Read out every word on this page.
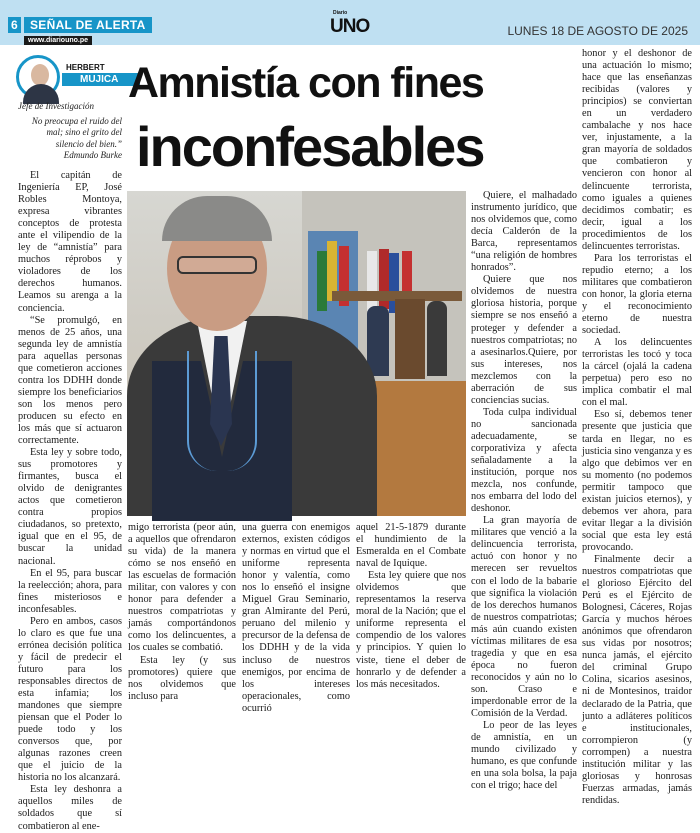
6	SEÑAL DE ALERTA
www.diariouno.pe
Diario
UNO	LUNES 18 DE AGOSTO DE 2025
HERBERT
MUJICA
Jefe de Investigación
No preocupa el ruido del mal; sino el grito del silencio del bien.”
Edmundo Burke
Amnistía con fines
inconfesables

El capitán de Ingeniería EP, José Robles Montoya, expresa vibrantes conceptos de protesta ante el vilipendio de la ley de “amnistía” para muchos réprobos y violadores de los derechos humanos. Leamos su arenga a la conciencia.

“Se promulgó, en menos de 25 años, una segunda ley de amnistía para aquellas personas que cometieron acciones contra los DDHH donde siempre los beneficiarios son los menos pero producen su efecto en los más que sí actuaron correctamente.

Esta ley y sobre todo, sus promotores y firmantes, busca el olvido de denigrantes actos que cometieron contra propios ciudadanos, so pretexto, igual que en el 95, de buscar la unidad nacional.

En el 95, para buscar la reelección; ahora, para fines misteriosos e inconfesables.

Pero en ambos, casos lo claro es que fue una errónea decisión política y fácil de predecir el futuro para los responsables directos de esta infamia; los mandones que siempre piensan que el Poder lo puede todo y los conversos que, por algunas razones creen que el juicio de la historia no los alcanzará.

Esta ley deshonra a aquellos miles de soldados que sí combatieron al ene-

migo terrorista (peor aún, a aquellos que ofrendaron su vida) de la manera cómo se nos enseñó en las escuelas de formación militar, con valores y con honor para defender a nuestros compatriotas y jamás comportándonos como los delincuentes, a los cuales se combatió.

Esta ley (y sus promotores) quiere que nos olvidemos que incluso para

una guerra con enemigos externos, existen códigos y normas en virtud que el uniforme representa honor y valentía, como nos lo enseñó el insigne Miguel Grau Seminario, gran Almirante del Perú, peruano del milenio y precursor de la defensa de los DDHH y de la vida incluso de nuestros enemigos, por encima de los intereses operacionales, como ocurrió

aquel 21-5-1879 durante el hundimiento de la Esmeralda en el Combate naval de Iquique.

Esta ley quiere que nos olvidemos que representamos la reserva moral de la Nación; que el uniforme representa el compendio de los valores y principios. Y quien lo viste, tiene el deber de honrarlo y de defender a los más necesitados.

Quiere, el malhadado instrumento jurídico, que nos olvidemos que, como decía Calderón de la Barca, representamos “una religión de hombres honrados”.

Quiere que nos olvidemos de nuestra gloriosa historia, porque siempre se nos enseñó a proteger y defender a nuestros compatriotas; no a asesinarlos.Quiere, por sus intereses, nos mezclemos con la aberración de sus conciencias sucias.

Toda culpa individual no sancionada adecuadamente, se corporativiza y afecta señaladamente a la institución, porque nos mezcla, nos confunde, nos embarra del lodo del deshonor.

La gran mayoría de militares que venció a la delincuencia terrorista, actuó con honor y no merecen ser revueltos con el lodo de la babarie que significa la violación de los derechos humanos de nuestros compatriotas; más aún cuando existen víctimas militares de esa tragedia y que en esa época no fueron reconocidos y aún no lo son. Craso e imperdonable error de la Comisión de la Verdad.

Lo peor de las leyes de amnistía, en un mundo civilizado y humano, es que confunde en una sola bolsa, la paja con el trigo; hace del

honor y el deshonor de una actuación lo mismo; hace que las enseñanzas recibidas (valores y principios) se conviertan en un verdadero cambalache y nos hace ver, injustamente, a la gran mayoría de soldados que combatieron y vencieron con honor al delincuente terrorista, como iguales a quienes decidimos combatir; es decir, igual a los procedimientos de los delincuentes terroristas.

Para los terroristas el repudio eterno; a los militares que combatieron con honor, la gloria eterna y el reconocimiento eterno de nuestra sociedad.

A los delincuentes terroristas les tocó y toca la cárcel (ojalá la cadena perpetua) pero eso no implica combatir el mal con el mal.

Eso sí, debemos tener presente que justicia que tarda en llegar, no es justicia sino venganza y es algo que debimos ver en su momento (no podemos permitir tampoco que existan juicios eternos), y debemos ver ahora, para evitar llegar a la división social que esta ley está provocando.

Finalmente decir a nuestros compatriotas que el glorioso Ejército del Perú es el Ejército de Bolognesi, Cáceres, Rojas García y muchos héroes anónimos que ofrendaron sus vidas por nosotros; nunca jamás, el ejército del criminal Grupo Colina, sicarios asesinos, ni de Montesinos, traidor declarado de la Patria, que junto a adláteres políticos e institucionales, corrompieron (y corrompen) a nuestra institución militar y las gloriosas y honrosas Fuerzas armadas, jamás rendidas.
